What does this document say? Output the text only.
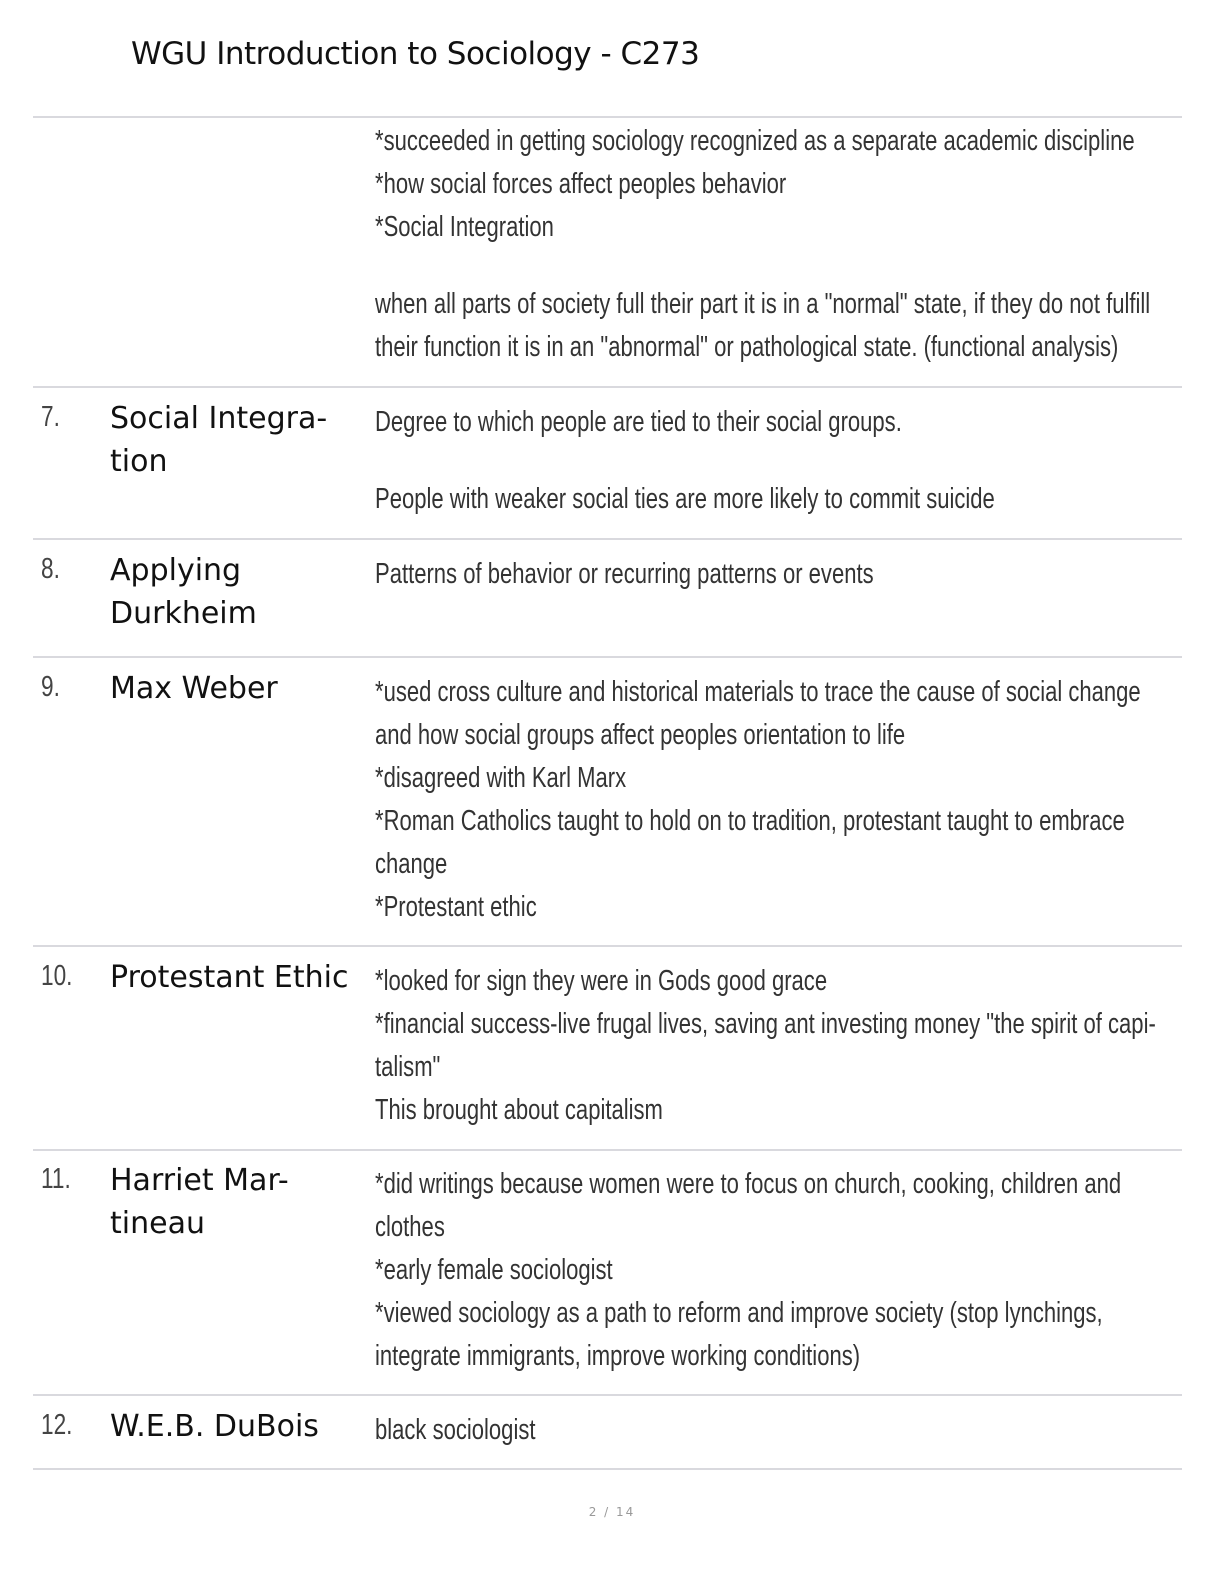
WGU Introduction to Sociology - C273
*succeeded in getting sociology recognized as a separate academic discipline
*how social forces affect peoples behavior
*Social Integration
when all parts of society full their part it is in a "normal" state, if they do not fulfill
their function it is in an "abnormal" or pathological state. (functional analysis)
7. Social Integra-
tion
Degree to which people are tied to their social groups.
People with weaker social ties are more likely to commit suicide
8. Applying
Durkheim
Patterns of behavior or recurring patterns or events
9. Max Weber	*used cross culture and historical materials to trace the cause of social change
and how social groups affect peoples orientation to life
*disagreed with Karl Marx
*Roman Catholics taught to hold on to tradition, protestant taught to embrace
change
*Protestant ethic
10. Protestant Ethic *looked for sign they were in Gods good grace
*financial success-live frugal lives, saving ant investing money "the spirit of capi-
talism"
This brought about capitalism
11. Harriet Mar-
tineau
*did writings because women were to focus on church, cooking, children and
clothes
*early female sociologist
*viewed sociology as a path to reform and improve society (stop lynchings,
integrate immigrants, improve working conditions)
12. W.E.B. DuBois	black sociologist
2 / 14
